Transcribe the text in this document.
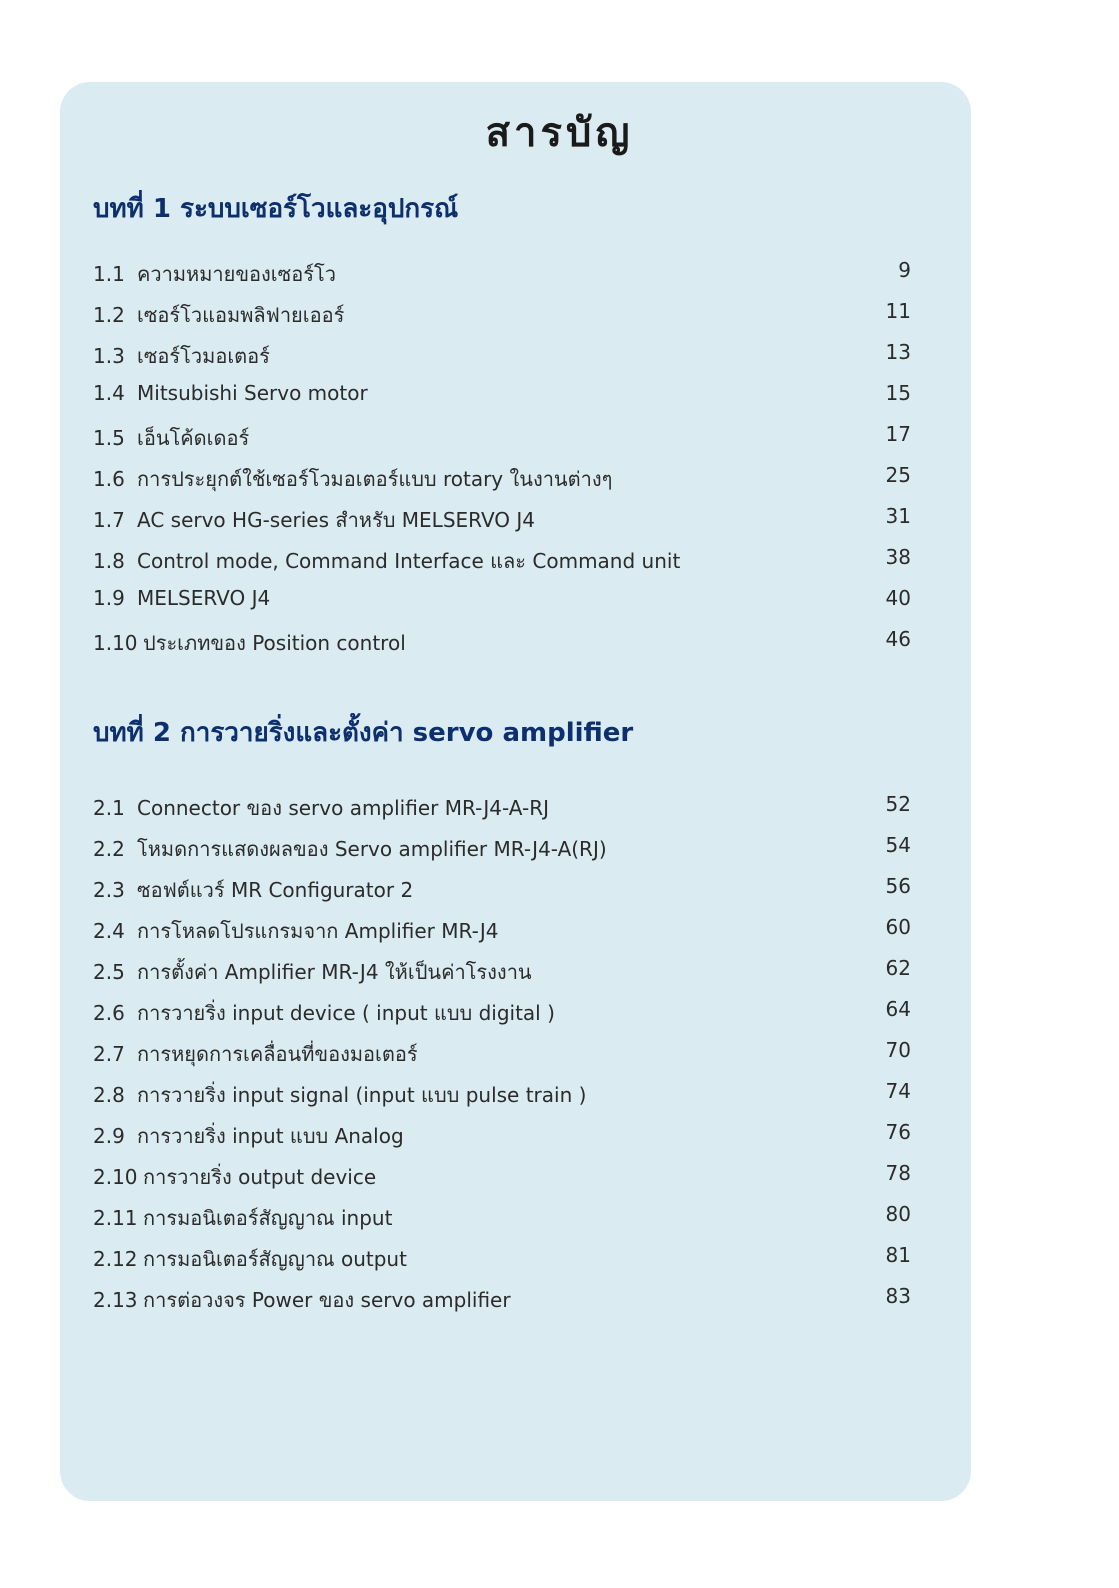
สารบัญ
บทที่ 1 ระบบเซอร์โวและอุปกรณ์
1.1 ความหมายของเซอร์โว	9
1.2 เซอร์โวแอมพลิฟายเออร์	11
1.3 เซอร์โวมอเตอร์	13
1.4 Mitsubishi Servo motor	15
1.5 เอ็นโค้ดเดอร์	17
1.6 การประยุกต์ใช้เซอร์โวมอเตอร์แบบ rotary ในงานต่างๆ	25
1.7 AC servo HG-series สำหรับ MELSERVO J4	31
1.8 Control mode, Command Interface และ Command unit	38
1.9 MELSERVO J4	40
1.10 ประเภทของ Position control	46
บทที่ 2 การวายริ่งและตั้งค่า servo amplifier
2.1 Connector ของ servo amplifier MR-J4-A-RJ	52
2.2 โหมดการแสดงผลของ Servo amplifier MR-J4-A(RJ)	54
2.3 ซอฟต์แวร์ MR Configurator 2	56
2.4 การโหลดโปรแกรมจาก Amplifier MR-J4	60
2.5 การตั้งค่า Amplifier MR-J4 ให้เป็นค่าโรงงาน	62
2.6 การวายริ่ง input device ( input แบบ digital )	64
2.7 การหยุดการเคลื่อนที่ของมอเตอร์	70
2.8 การวายริ่ง input signal (input แบบ pulse train )	74
2.9 การวายริ่ง input แบบ Analog	76
2.10 การวายริ่ง output device	78
2.11 การมอนิเตอร์สัญญาณ input	80
2.12 การมอนิเตอร์สัญญาณ output	81
2.13 การต่อวงจร Power ของ servo amplifier	83
